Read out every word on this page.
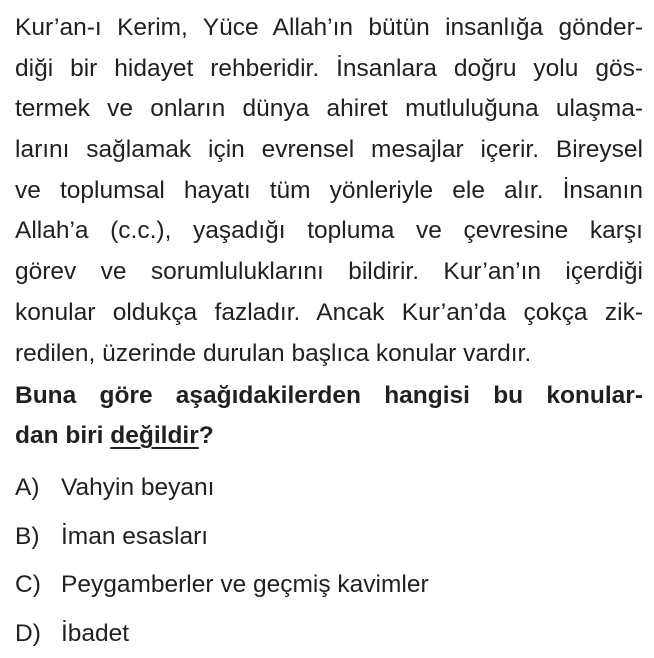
Kur’an-ı Kerim, Yüce Allah’ın bütün insanlığa gönder-
diği bir hidayet rehberidir. İnsanlara doğru yolu gös-
termek ve onların dünya ahiret mutluluğuna ulaşma-
larını sağlamak için evrensel mesajlar içerir. Bireysel
ve toplumsal hayatı tüm yönleriyle ele alır. İnsanın
Allah’a (c.c.), yaşadığı topluma ve çevresine karşı
görev ve sorumluluklarını bildirir. Kur’an’ın içerdiği
konular oldukça fazladır. Ancak Kur’an’da çokça zik-
redilen, üzerinde durulan başlıca konular vardır.
Buna göre aşağıdakilerden hangisi bu konular-
dan biri değildir?
A) Vahyin beyanı
B) İman esasları
C) Peygamberler ve geçmiş kavimler
D) İbadet
